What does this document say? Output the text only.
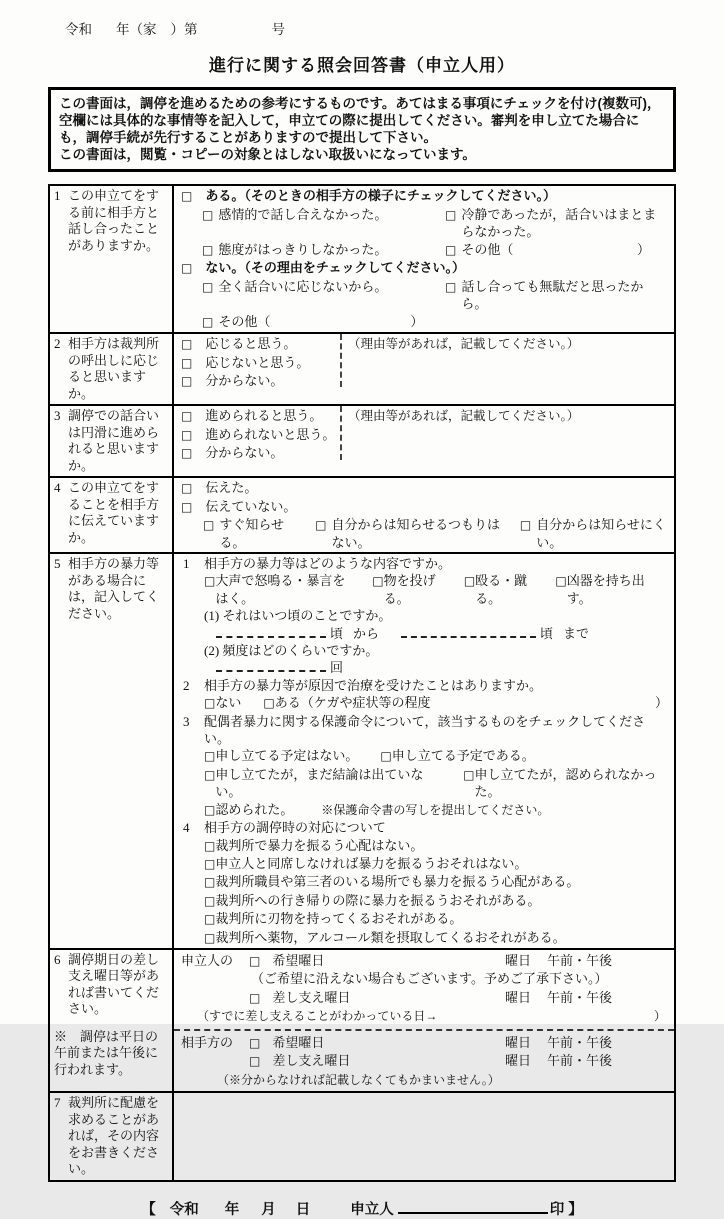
令和 年（家 ）第	号
進行に関する照会回答書（申立人用）
この書面は，調停を進めるための参考にするものです。あてはまる事項にチェックを付け(複数可)，空欄には具体的な事情等を記入して，申立ての際に提出してください。審判を申し立てた場合にも，調停手続が先行することがありますので提出して下さい。
この書面は，閲覧・コピーの対象とはしない取扱いになっています。
1 この申立てをする前に相手方と話し合ったことがありますか。

□ ある。（そのときの相手方の様子にチェックしてください。）
□ 感情的で話し合えなかった。	□ 冷静であったが，話合いはまとまらなかった。
□ 態度がはっきりしなかった。	□ その他（	）
□ ない。（その理由をチェックしてください。）
□ 全く話合いに応じないから。	□ 話し合っても無駄だと思ったから。
□ その他（	）

2 相手方は裁判所の呼出しに応じると思いますか。

□ 応じると思う。
□ 応じないと思う。
□ 分からない。
（理由等があれば，記載してください。）

3 調停での話合いは円滑に進められると思いますか。

□ 進められると思う。
□ 進められないと思う。
□ 分からない。
（理由等があれば，記載してください。）

4 この申立てをすることを相手方に伝えていますか。

□ 伝えた。
□ 伝えていない。
□ すぐ知らせる。
□ 自分からは知らせるつもりはない。
□ 自分からは知らせにくい。

5 相手方の暴力等がある場合には，記入してください。

1	相手方の暴力等はどのような内容ですか。
□ 大声で怒鳴る・暴言をはく。
□ 物を投げる。
□ 殴る・蹴る。
□ 凶器を持ち出す。
(1) それはいつ頃のことですか。
頃 から	頃 まで
(2) 頻度はどのくらいですか。
回
2	相手方の暴力等が原因で治療を受けたことはありますか。
□ ない □ ある（ケガや症状等の程度	）
3	配偶者暴力に関する保護命令について，該当するものをチェックしてください。
□ 申し立てる予定はない。 □ 申し立てる予定である。
□ 申し立てたが，まだ結論は出ていない。
□ 申し立てたが，認められなかった。
□ 認められた。 ※保護命令書の写しを提出してください。
4	相手方の調停時の対応について
□ 裁判所で暴力を振るう心配はない。
□ 申立人と同席しなければ暴力を振るうおそれはない。
□ 裁判所職員や第三者のいる場所でも暴力を振るう心配がある。
□ 裁判所への行き帰りの際に暴力を振るうおそれがある。
□ 裁判所に刃物を持ってくるおそれがある。
□ 裁判所へ薬物，アルコール類を摂取してくるおそれがある。

6 調停期日の差し支え曜日等があれば書いてください。
※　調停は平日の午前または午後に行われます。

申立人の □ 希望曜日	曜日 午前・午後
（ご希望に沿えない場合もございます。予めご了承下さい。）
□ 差し支え曜日	曜日 午前・午後
（すでに差し支えることがわかっている日→	）
相手方の □ 希望曜日	曜日 午前・午後
□ 差し支え曜日	曜日 午前・午後
（※分からなければ記載しなくてもかまいません。）

7 裁判所に配慮を求めることがあれば，その内容をお書きください。	

【 令和 年 月 日	申立人	印 】
